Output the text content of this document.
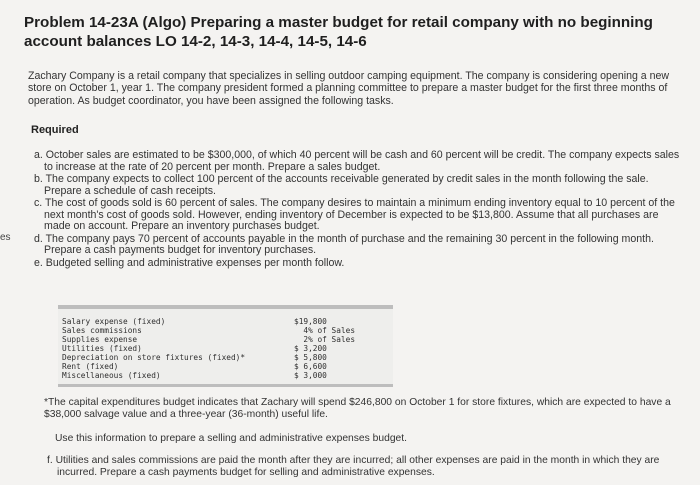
es
Problem 14-23A (Algo) Preparing a master budget for retail company with no beginning account balances LO 14-2, 14-3, 14-4, 14-5, 14-6

Zachary Company is a retail company that specializes in selling outdoor camping equipment. The company is considering opening a new store on October 1, year 1. The company president formed a planning committee to prepare a master budget for the first three months of operation. As budget coordinator, you have been assigned the following tasks.

Required
a. October sales are estimated to be $300,000, of which 40 percent will be cash and 60 percent will be credit. The company expects sales to increase at the rate of 20 percent per month. Prepare a sales budget.
b. The company expects to collect 100 percent of the accounts receivable generated by credit sales in the month following the sale. Prepare a schedule of cash receipts.
c. The cost of goods sold is 60 percent of sales. The company desires to maintain a minimum ending inventory equal to 10 percent of the next month's cost of goods sold. However, ending inventory of December is expected to be $13,800. Assume that all purchases are made on account. Prepare an inventory purchases budget.
d. The company pays 70 percent of accounts payable in the month of purchase and the remaining 30 percent in the following month. Prepare a cash payments budget for inventory purchases.
e. Budgeted selling and administrative expenses per month follow.
Salary expense (fixed)	$19,800
Sales commissions	4% of Sales
Supplies expense	2% of Sales
Utilities (fixed)	$ 3,200
Depreciation on store fixtures (fixed)*	$ 5,800
Rent (fixed)	$ 6,600
Miscellaneous (fixed)	$ 3,000

*The capital expenditures budget indicates that Zachary will spend $246,800 on October 1 for store fixtures, which are expected to have a $38,000 salvage value and a three-year (36-month) useful life.

Use this information to prepare a selling and administrative expenses budget.

f. Utilities and sales commissions are paid the month after they are incurred; all other expenses are paid in the month in which they are incurred. Prepare a cash payments budget for selling and administrative expenses.
